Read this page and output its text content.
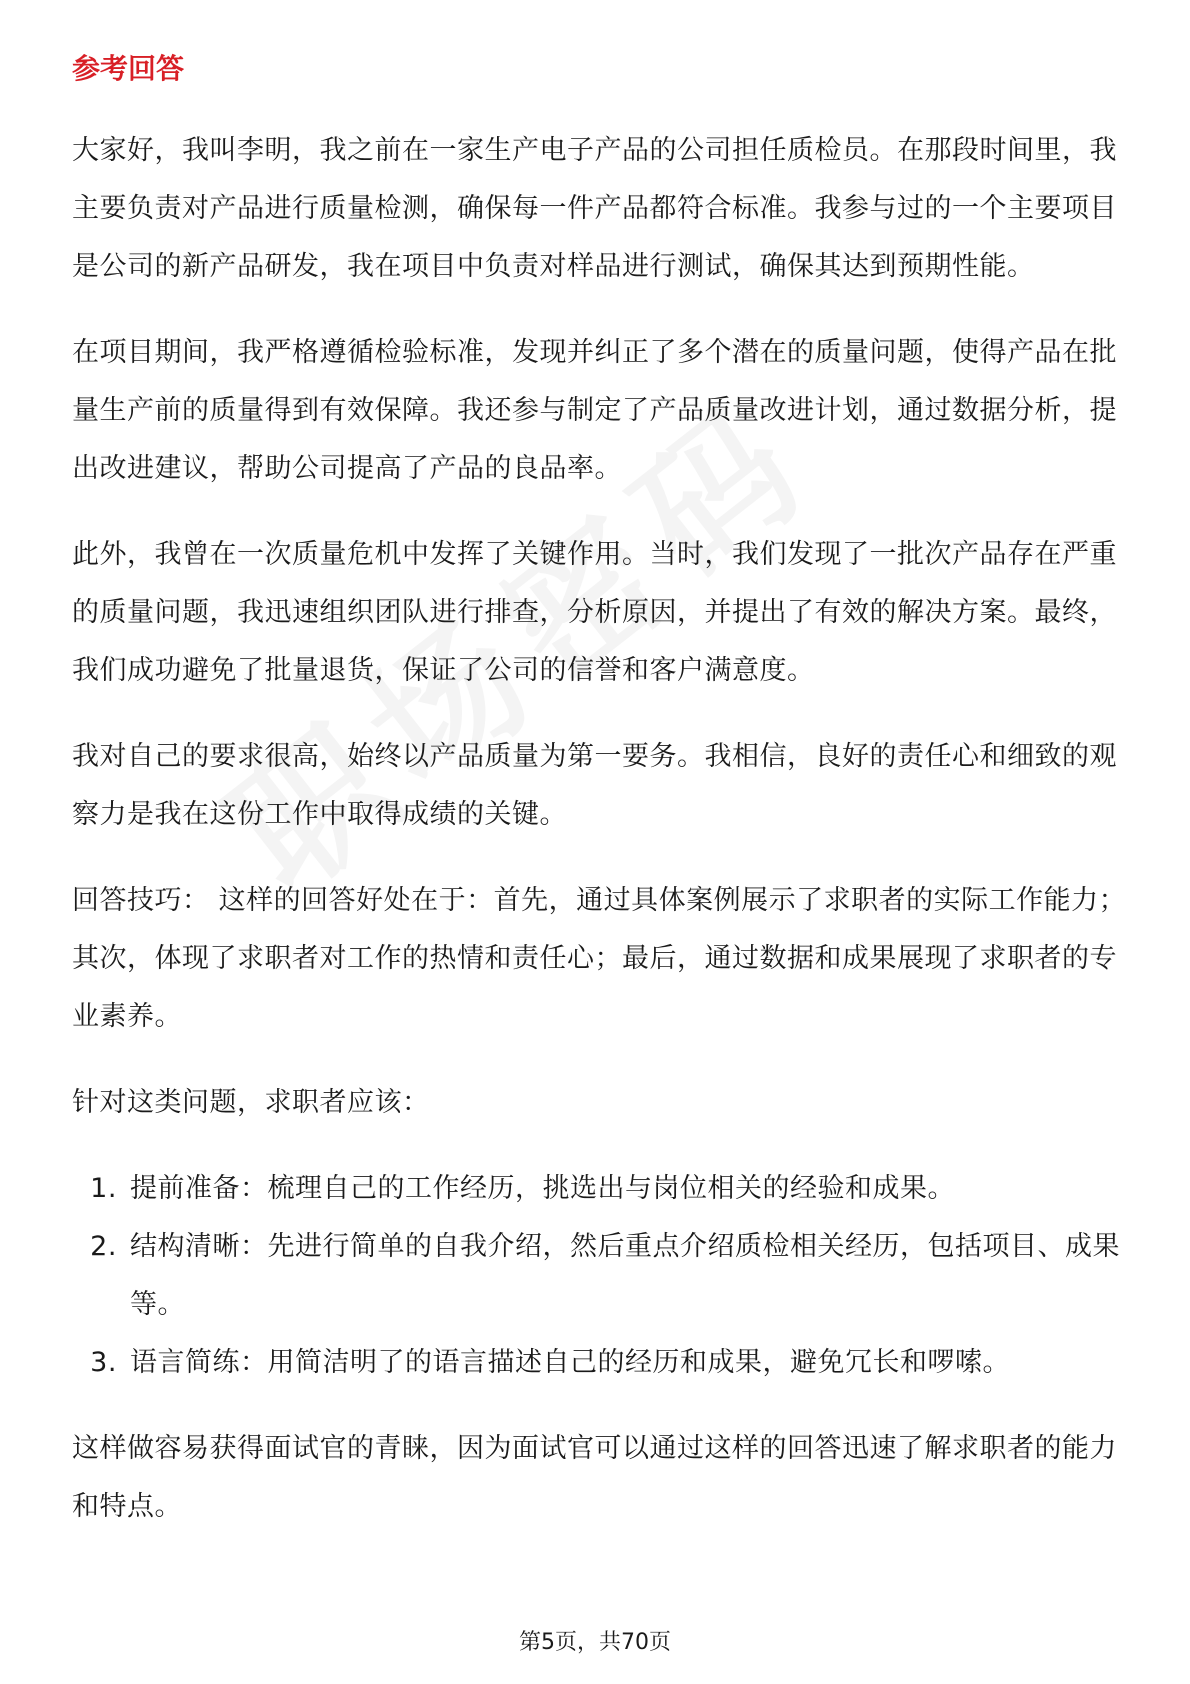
参考回答

大家好，我叫李明，我之前在一家生产电子产品的公司担任质检员。在那段时间里，我主要负责对产品进行质量检测，确保每一件产品都符合标准。我参与过的一个主要项目是公司的新产品研发，我在项目中负责对样品进行测试，确保其达到预期性能。

在项目期间，我严格遵循检验标准，发现并纠正了多个潜在的质量问题，使得产品在批量生产前的质量得到有效保障。我还参与制定了产品质量改进计划，通过数据分析，提出改进建议，帮助公司提高了产品的良品率。

此外，我曾在一次质量危机中发挥了关键作用。当时，我们发现了一批次产品存在严重的质量问题，我迅速组织团队进行排查，分析原因，并提出了有效的解决方案。最终，我们成功避免了批量退货，保证了公司的信誉和客户满意度。

我对自己的要求很高，始终以产品质量为第一要务。我相信，良好的责任心和细致的观察力是我在这份工作中取得成绩的关键。

回答技巧： 这样的回答好处在于：首先，通过具体案例展示了求职者的实际工作能力；其次，体现了求职者对工作的热情和责任心；最后，通过数据和成果展现了求职者的专业素养。

针对这类问题，求职者应该：

1. 提前准备：梳理自己的工作经历，挑选出与岗位相关的经验和成果。
2. 结构清晰：先进行简单的自我介绍，然后重点介绍质检相关经历，包括项目、成果等。
3. 语言简练：用简洁明了的语言描述自己的经历和成果，避免冗长和啰嗦。

这样做容易获得面试官的青睐，因为面试官可以通过这样的回答迅速了解求职者的能力和特点。

第5页，共70页
